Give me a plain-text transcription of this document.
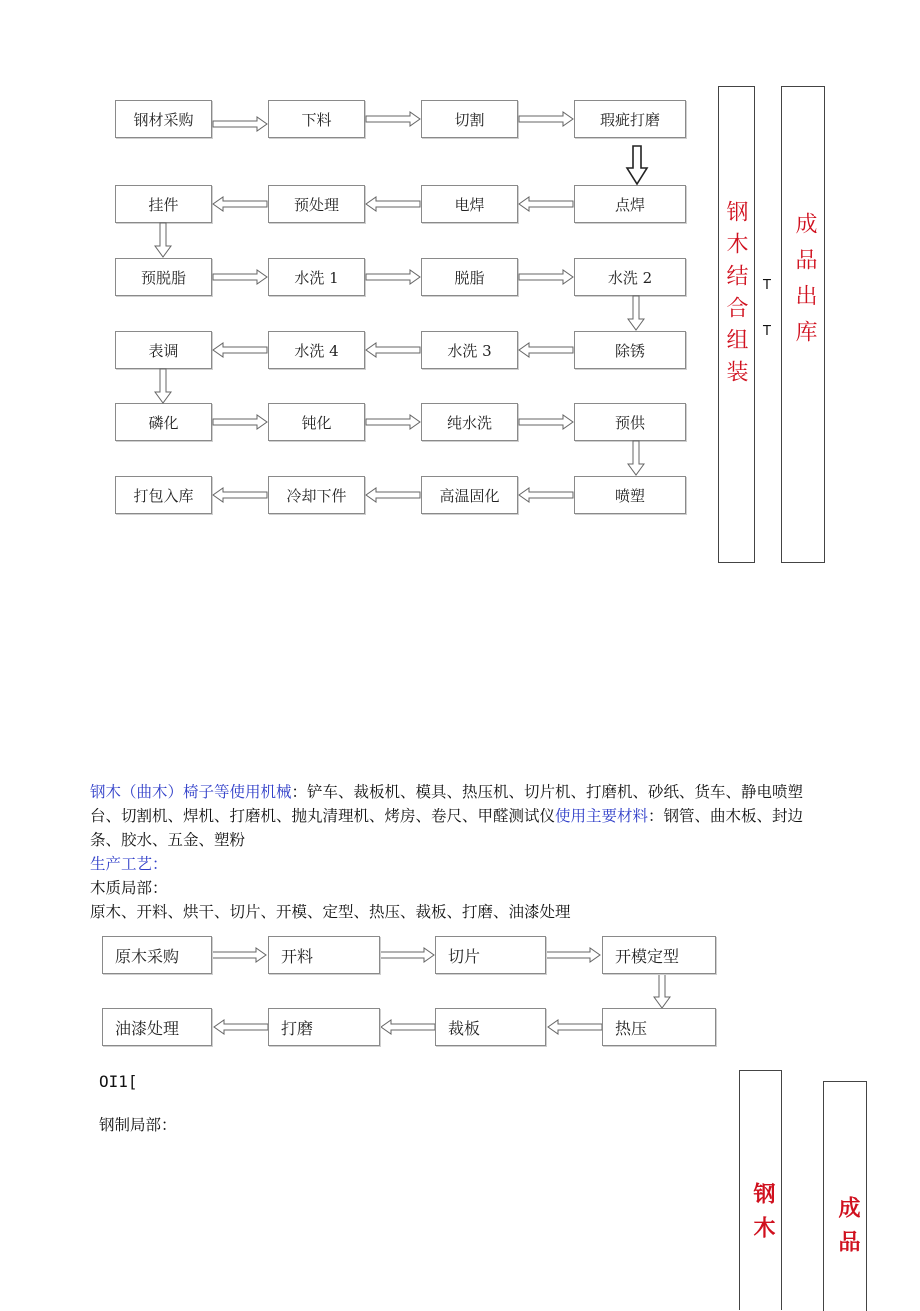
钢材采购	下料	切割	瑕疵打磨
点焊
电焊
预处理
挂件
预脱脂	水洗 1	脱脂	水洗 2
除锈
水洗 3
水洗 4
表调
磷化	钝化	纯水洗	预供
喷塑
高温固化
冷却下件
打包入库
钢木结合组装 T
T 成品出库
钢木（曲木）椅子等使用机械：铲车、裁板机、模具、热压机、切片机、打磨机、砂纸、货车、静电喷塑台、切割机、焊机、打磨机、抛丸清理机、烤房、卷尺、甲醛测试仪使用主要材料：钢管、曲木板、封边条、胶水、五金、塑粉
生产工艺：
木质局部：
原木、开料、烘干、切片、开模、定型、热压、裁板、打磨、油漆处理
原木采购	开料	切片	开模定型
热压
裁板
打磨
油漆处理
OI1[
钢制局部：
钢木	成品
